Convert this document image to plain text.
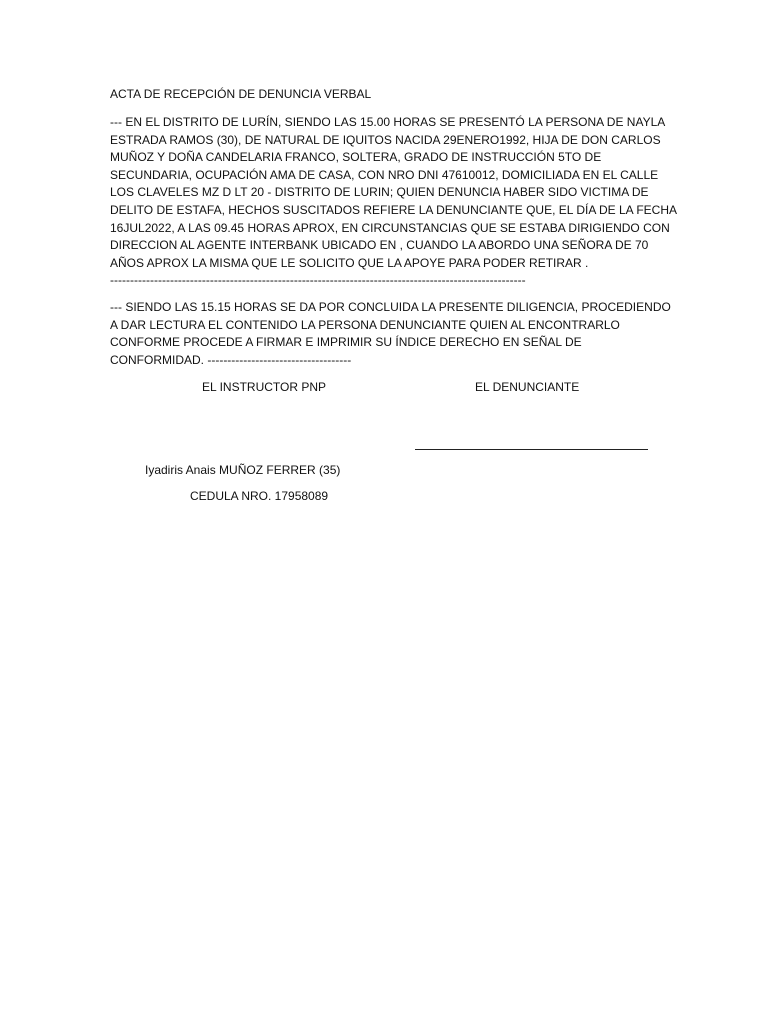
ACTA DE RECEPCIÓN DE DENUNCIA VERBAL
--- EN EL DISTRITO DE LURÍN, SIENDO LAS 15.00 HORAS SE PRESENTÓ LA PERSONA DE NAYLA
ESTRADA RAMOS (30), DE NATURAL DE IQUITOS NACIDA 29ENERO1992, HIJA DE DON CARLOS
MUÑOZ Y DOÑA CANDELARIA FRANCO, SOLTERA, GRADO DE INSTRUCCIÓN 5TO DE
SECUNDARIA, OCUPACIÓN AMA DE CASA, CON NRO DNI 47610012, DOMICILIADA EN EL CALLE
LOS CLAVELES MZ D LT 20 - DISTRITO DE LURIN; QUIEN DENUNCIA HABER SIDO VICTIMA DE
DELITO DE ESTAFA, HECHOS SUSCITADOS REFIERE LA DENUNCIANTE QUE, EL DÍA DE LA FECHA
16JUL2022, A LAS 09.45 HORAS APROX, EN CIRCUNSTANCIAS QUE SE ESTABA DIRIGIENDO CON
DIRECCION AL AGENTE INTERBANK UBICADO EN , CUANDO LA ABORDO UNA SEÑORA DE 70
AÑOS APROX LA MISMA QUE LE SOLICITO QUE LA APOYE PARA PODER RETIRAR .
--------------------------------------------------------------------------------------------------------
--- SIENDO LAS 15.15 HORAS SE DA POR CONCLUIDA LA PRESENTE DILIGENCIA, PROCEDIENDO
A DAR LECTURA EL CONTENIDO LA PERSONA DENUNCIANTE QUIEN AL ENCONTRARLO
CONFORME PROCEDE A FIRMAR E IMPRIMIR SU ÍNDICE DERECHO EN SEÑAL DE
CONFORMIDAD. ------------------------------------
EL INSTRUCTOR PNP	EL DENUNCIANTE
Iyadiris Anais MUÑOZ FERRER (35)
CEDULA NRO. 17958089
